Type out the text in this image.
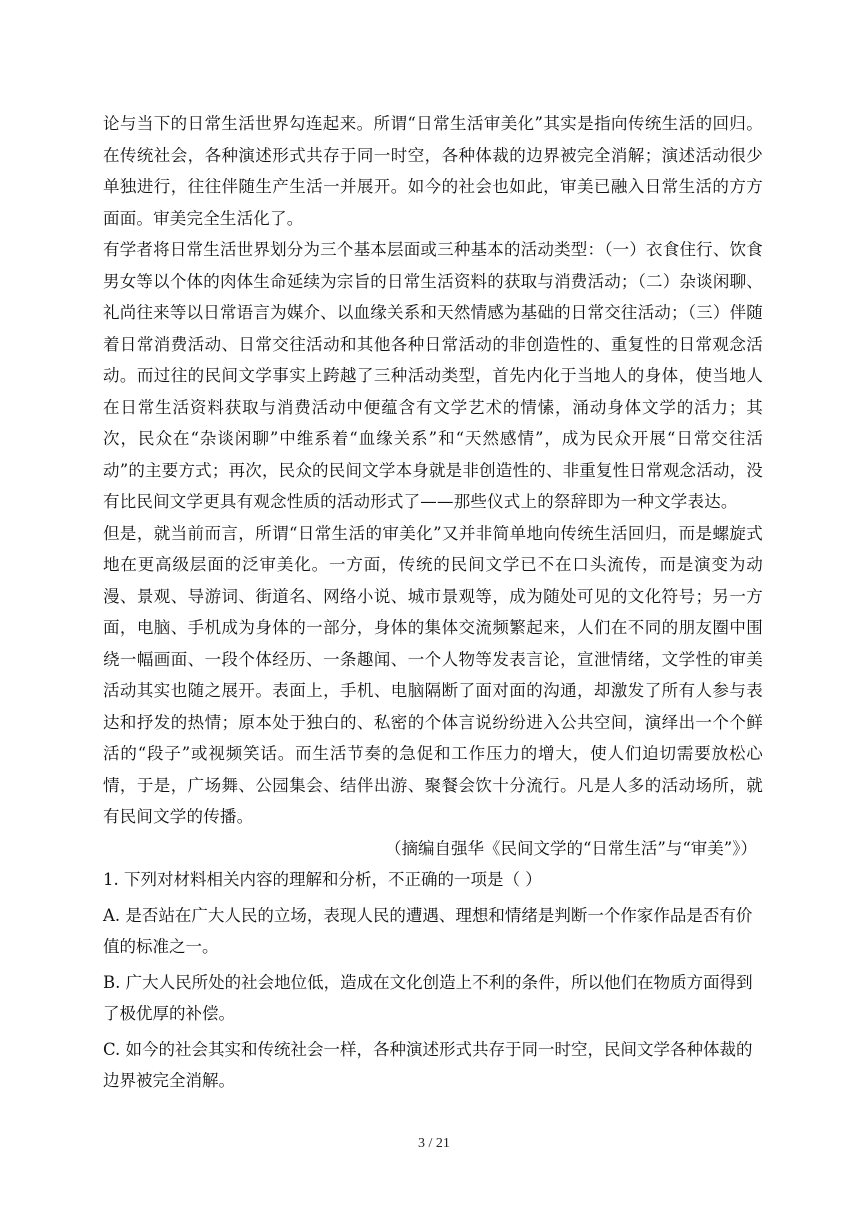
论与当下的日常生活世界勾连起来。所谓“日常生活审美化”其实是指向传统生活的回归。在传统社会，各种演述形式共存于同一时空，各种体裁的边界被完全消解；演述活动很少单独进行，往往伴随生产生活一并展开。如今的社会也如此，审美已融入日常生活的方方面面。审美完全生活化了。

有学者将日常生活世界划分为三个基本层面或三种基本的活动类型：（一）衣食住行、饮食男女等以个体的肉体生命延续为宗旨的日常生活资料的获取与消费活动；（二）杂谈闲聊、礼尚往来等以日常语言为媒介、以血缘关系和天然情感为基础的日常交往活动；（三）伴随着日常消费活动、日常交往活动和其他各种日常活动的非创造性的、重复性的日常观念活动。而过往的民间文学事实上跨越了三种活动类型，首先内化于当地人的身体，使当地人在日常生活资料获取与消费活动中便蕴含有文学艺术的情愫，涌动身体文学的活力；其次，民众在“杂谈闲聊”中维系着“血缘关系”和“天然感情”，成为民众开展“日常交往活动”的主要方式；再次，民众的民间文学本身就是非创造性的、非重复性日常观念活动，没有比民间文学更具有观念性质的活动形式了——那些仪式上的祭辞即为一种文学表达。

但是，就当前而言，所谓“日常生活的审美化”又并非简单地向传统生活回归，而是螺旋式地在更高级层面的泛审美化。一方面，传统的民间文学已不在口头流传，而是演变为动漫、景观、导游词、街道名、网络小说、城市景观等，成为随处可见的文化符号；另一方面，电脑、手机成为身体的一部分，身体的集体交流频繁起来，人们在不同的朋友圈中围绕一幅画面、一段个体经历、一条趣闻、一个人物等发表言论，宣泄情绪，文学性的审美活动其实也随之展开。表面上，手机、电脑隔断了面对面的沟通，却激发了所有人参与表达和抒发的热情；原本处于独白的、私密的个体言说纷纷进入公共空间，演绎出一个个鲜活的“段子”或视频笑话。而生活节奏的急促和工作压力的增大，使人们迫切需要放松心情，于是，广场舞、公园集会、结伴出游、聚餐会饮十分流行。凡是人多的活动场所，就有民间文学的传播。

（摘编自强华《民间文学的“日常生活”与“审美”》）

1. 下列对材料相关内容的理解和分析，不正确的一项是（ ）

A. 是否站在广大人民的立场，表现人民的遭遇、理想和情绪是判断一个作家作品是否有价值的标准之一。

B. 广大人民所处的社会地位低，造成在文化创造上不利的条件，所以他们在物质方面得到了极优厚的补偿。

C. 如今的社会其实和传统社会一样，各种演述形式共存于同一时空，民间文学各种体裁的边界被完全消解。

3 / 21
